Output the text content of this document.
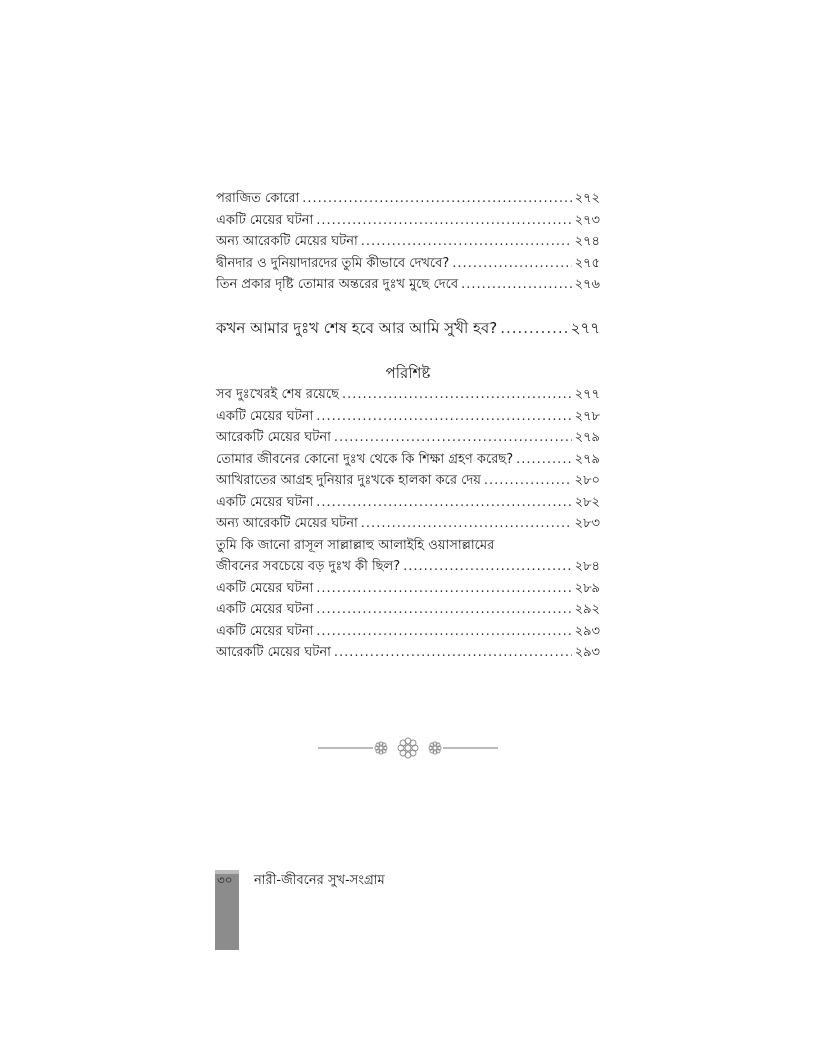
পরাজিত কোরো .....	২৭২
একটি মেয়ের ঘটনা .....	২৭৩
অন্য আরেকটি মেয়ের ঘটনা .....	২৭৪
দ্বীনদার ও দুনিয়াদারদের তুমি কীভাবে দেখবে? .....	২৭৫
তিন প্রকার দৃষ্টি তোমার অন্তরের দুঃখ মুছে দেবে .....	২৭৬
কখন আমার দুঃখ শেষ হবে আর আমি সুখী হব? .....	২৭৭
পরিশিষ্ট
সব দুঃখেরই শেষ রয়েছে .....	২৭৭
একটি মেয়ের ঘটনা .....	২৭৮
আরেকটি মেয়ের ঘটনা .....	২৭৯
তোমার জীবনের কোনো দুঃখ থেকে কি শিক্ষা গ্রহণ করেছ? .....	২৭৯
আখিরাতের আগ্রহ দুনিয়ার দুঃখকে হালকা করে দেয় .....	২৮০
একটি মেয়ের ঘটনা .....	২৮২
অন্য আরেকটি মেয়ের ঘটনা .....	২৮৩
তুমি কি জানো রাসূল সাল্লাল্লাহু আলাইহি ওয়াসাল্লামের
জীবনের সবচেয়ে বড় দুঃখ কী ছিল? .....	২৮৪
একটি মেয়ের ঘটনা .....	২৮৯
একটি মেয়ের ঘটনা .....	২৯২
একটি মেয়ের ঘটনা .....	২৯৩
আরেকটি মেয়ের ঘটনা .....	২৯৩
৩০ নারী-জীবনের সুখ-সংগ্রাম
